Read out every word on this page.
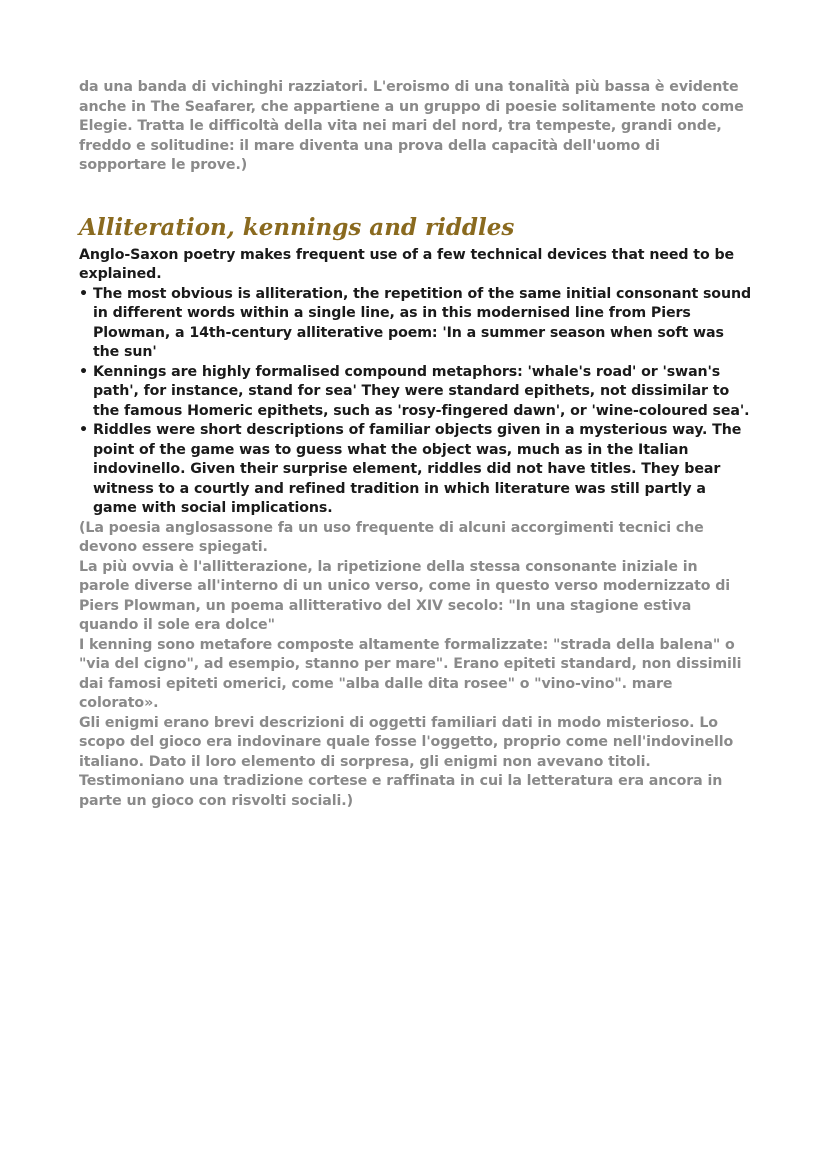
da una banda di vichinghi razziatori. L'eroismo di una tonalità più bassa è evidente anche in The Seafarer, che appartiene a un gruppo di poesie solitamente noto come Elegie. Tratta le difficoltà della vita nei mari del nord, tra tempeste, grandi onde, freddo e solitudine: il mare diventa una prova della capacità dell'uomo di sopportare le prove.)

Alliteration, kennings and riddles

Anglo-Saxon poetry makes frequent use of a few technical devices that need to be explained.

• The most obvious is alliteration, the repetition of the same initial consonant sound in different words within a single line, as in this modernised line from Piers Plowman, a 14th-century alliterative poem: 'In a summer season when soft was the sun'
• Kennings are highly formalised compound metaphors: 'whale's road' or 'swan's path', for instance, stand for sea' They were standard epithets, not dissimilar to the famous Homeric epithets, such as 'rosy-fingered dawn', or 'wine-coloured sea'.
• Riddles were short descriptions of familiar objects given in a mysterious way. The point of the game was to guess what the object was, much as in the Italian indovinello. Given their surprise element, riddles did not have titles. They bear witness to a courtly and refined tradition in which literature was still partly a game with social implications.

(La poesia anglosassone fa un uso frequente di alcuni accorgimenti tecnici che devono essere spiegati.

La più ovvia è l'allitterazione, la ripetizione della stessa consonante iniziale in parole diverse all'interno di un unico verso, come in questo verso modernizzato di Piers Plowman, un poema allitterativo del XIV secolo: "In una stagione estiva quando il sole era dolce"

I kenning sono metafore composte altamente formalizzate: "strada della balena" o "via del cigno", ad esempio, stanno per mare". Erano epiteti standard, non dissimili dai famosi epiteti omerici, come "alba dalle dita rosee" o "vino-vino". mare colorato».

Gli enigmi erano brevi descrizioni di oggetti familiari dati in modo misterioso. Lo scopo del gioco era indovinare quale fosse l'oggetto, proprio come nell'indovinello italiano. Dato il loro elemento di sorpresa, gli enigmi non avevano titoli. Testimoniano una tradizione cortese e raffinata in cui la letteratura era ancora in parte un gioco con risvolti sociali.)
